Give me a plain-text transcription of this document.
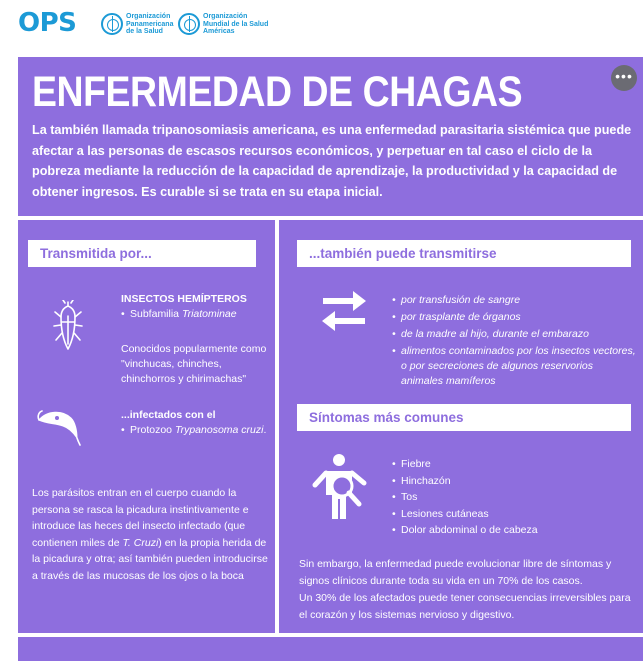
OPS	Organización
Panamericana
de la Salud
Organización
Mundial de la Salud
Américas
•••
ENFERMEDAD DE CHAGAS
La también llamada tripanosomiasis americana, es una enfermedad parasitaria sistémica que puede afectar a las personas de escasos recursos económicos, y perpetuar en tal caso el ciclo de la pobreza mediante la reducción de la capacidad de aprendizaje, la productividad y la capacidad de obtener ingresos. Es curable si se trata en su etapa inicial.
Transmitida por...
INSECTOS HEMÍPTEROS
• Subfamilia Triatominae
Conocidos popularmente como "vinchucas, chinches, chinchorros y chirimachas"
...infectados con el
• Protozoo Trypanosoma cruzi.
Los parásitos entran en el cuerpo cuando la persona se rasca la picadura instintivamente e introduce las heces del insecto infectado (que contienen miles de T. Cruzi) en la propia herida de la picadura y otra; así también pueden introducirse a través de las mucosas de los ojos o la boca
...también puede transmitirse
• por transfusión de sangre
• por trasplante de órganos
• de la madre al hijo, durante el embarazo
• alimentos contaminados por los insectos vectores, o por secreciones de algunos reservorios animales mamíferos
Síntomas más comunes
• Fiebre
• Hinchazón
• Tos
• Lesiones cutáneas
• Dolor abdominal o de cabeza
Sin embargo, la enfermedad puede evolucionar libre de síntomas y signos clínicos durante toda su vida en un 70% de los casos.
Un 30% de los afectados puede tener consecuencias irreversibles para el corazón y los sistemas nervioso y digestivo.
